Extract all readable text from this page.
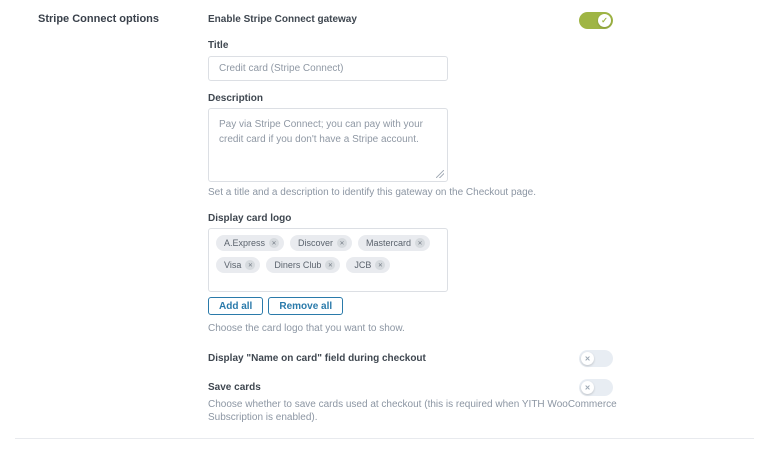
Stripe Connect options	Enable Stripe Connect gateway	✓
Title
Credit card (Stripe Connect)
Description
Pay via Stripe Connect; you can pay with your credit card if you don't have a Stripe account.
Set a title and a description to identify this gateway on the Checkout page.
Display card logo
A.Express	✕ Discover	✕ Mastercard	✕
Visa	✕ Diners Club	✕ JCB	✕
Add all	Remove all
Choose the card logo that you want to show.
Display "Name on card" field during checkout	✕
Save cards	✕
Choose whether to save cards used at checkout (this is required when YITH WooCommerce Subscription is enabled).
